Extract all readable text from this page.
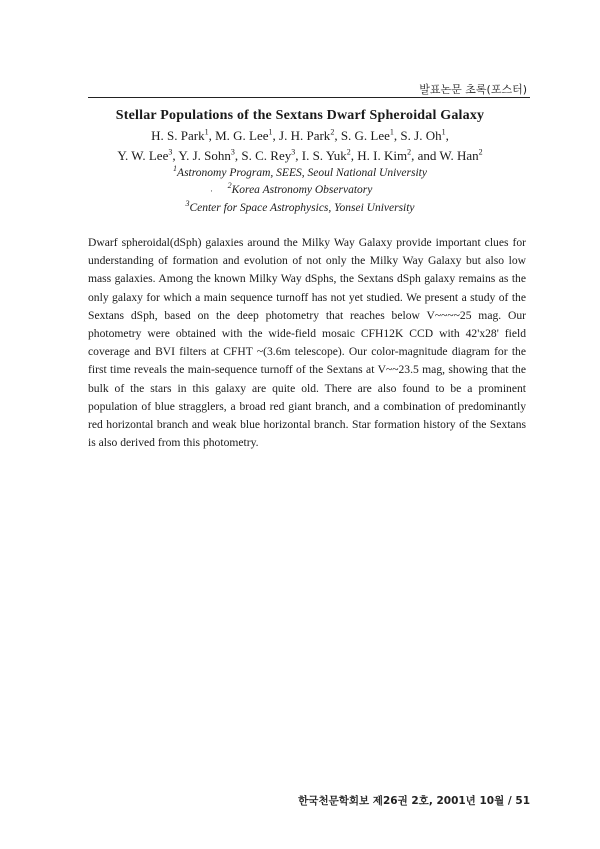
발표논문 초록(포스터)
Stellar Populations of the Sextans Dwarf Spheroidal Galaxy
H. S. Park$^1$, M. G. Lee$^1$, J. H. Park$^2$, S. G. Lee$^1$, S. J. Oh$^1$,
Y. W. Lee$^3$, Y. J. Sohn$^3$, S. C. Rey$^3$, I. S. Yuk$^2$, H. I. Kim$^2$, and W. Han$^2$
$^1$Astronomy Program, SEES, Seoul National University
·
$^2$Korea Astronomy Observatory
$^3$Center for Space Astrophysics, Yonsei University

Dwarf spheroidal(dSph) galaxies around the Milky Way Galaxy provide important clues for understanding of formation and evolution of not only the Milky Way Galaxy but also low mass galaxies. Among the known Milky Way dSphs, the Sextans dSph galaxy remains as the only galaxy for which a main sequence turnoff has not yet studied. We present a study of the Sextans dSph, based on the deep photometry that reaches below V~~~~25 mag. Our photometry were obtained with the wide-field mosaic CFH12K CCD with 42'x28' field coverage and BVI filters at CFHT ~(3.6m telescope). Our color-magnitude diagram for the first time reveals the main-sequence turnoff of the Sextans at V~~23.5 mag, showing that the bulk of the stars in this galaxy are quite old. There are also found to be a prominent population of blue stragglers, a broad red giant branch, and a combination of predominantly red horizontal branch and weak blue horizontal branch. Star formation history of the Sextans is also derived from this photometry.

한국천문학회보 제26권 2호, 2001년 10월 / 51
